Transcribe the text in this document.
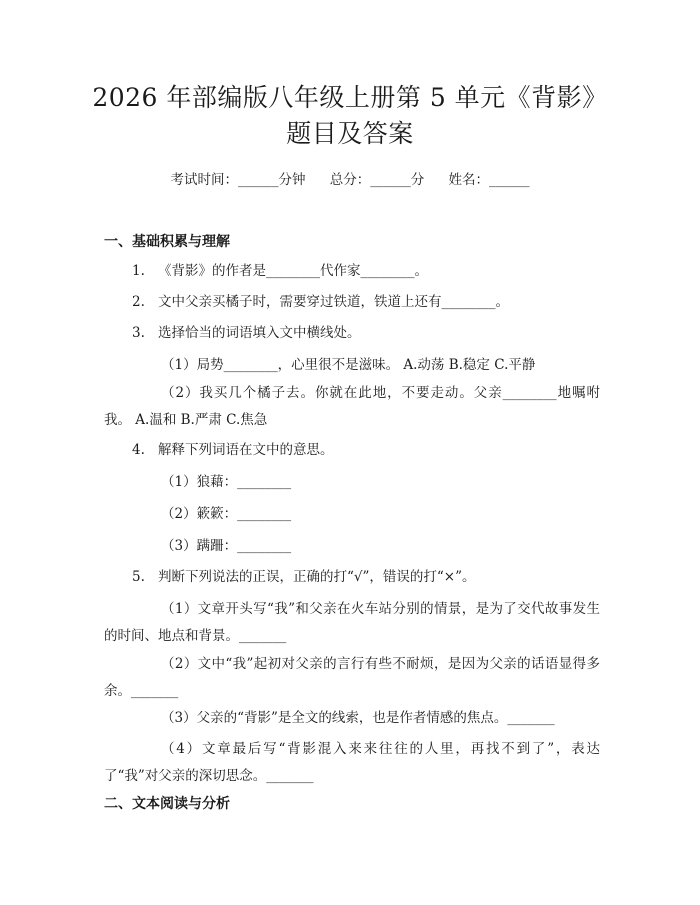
2026 年部编版八年级上册第 5 单元《背影》
题目及答案
考试时间：______分钟 总分：______分 姓名：______
一、基础积累与理解
1. 《背影》的作者是________代作家________。
2. 文中父亲买橘子时，需要穿过铁道，铁道上还有________。
3. 选择恰当的词语填入文中横线处。
（1）局势________，心里很不是滋味。 A.动荡 B.稳定 C.平静
（2）我买几个橘子去。你就在此地，不要走动。父亲________地嘱咐我。 A.温和 B.严肃 C.焦急
4. 解释下列词语在文中的意思。
（1）狼藉：________
（2）簌簌：________
（3）蹒跚：________
5. 判断下列说法的正误，正确的打“√”，错误的打“×”。
（1）文章开头写“我”和父亲在火车站分别的情景，是为了交代故事发生的时间、地点和背景。_______
（2）文中“我”起初对父亲的言行有些不耐烦，是因为父亲的话语显得多余。_______
（3）父亲的“背影”是全文的线索，也是作者情感的焦点。_______
（4）文章最后写“背影混入来来往往的人里，再找不到了”，表达了“我”对父亲的深切思念。_______
二、文本阅读与分析
